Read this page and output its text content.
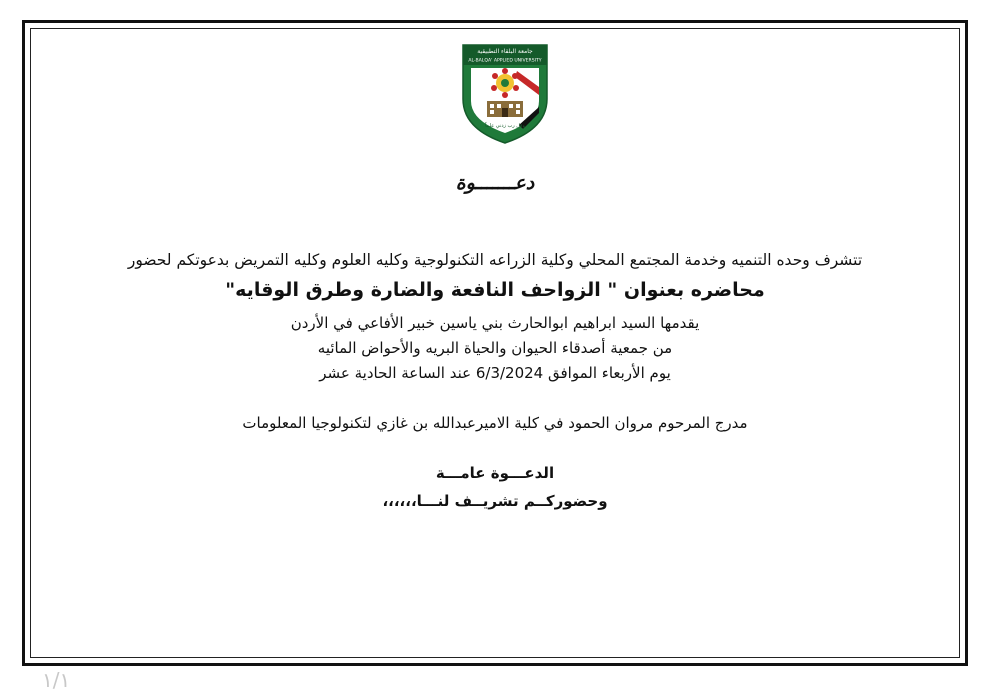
جامعة البلقاء التطبيقية
AL-BALQA' APPLIED UNIVERSITY
وقل رب زدني علماً
دعـــــــوة
تتشرف وحده التنميه وخدمة المجتمع المحلي وكلية الزراعه التكنولوجية وكليه العلوم وكليه التمريض بدعوتكم لحضور
محاضره بعنوان " الزواحف النافعة والضارة وطرق الوقايه"
يقدمها السيد ابراهيم ابوالحارث بني ياسين خبير الأفاعي في الأردن
من جمعية أصدقاء الحيوان والحياة البريه والأحواض المائيه
يوم الأربعاء الموافق 6/3/2024 عند الساعة الحادية عشر
مدرج المرحوم مروان الحمود في كلية الاميرعبدالله بن غازي لتكنولوجيا المعلومات
الدعـــوة عامـــة
وحضوركــم تشريــف لنـــا،،،،،،
١/١
